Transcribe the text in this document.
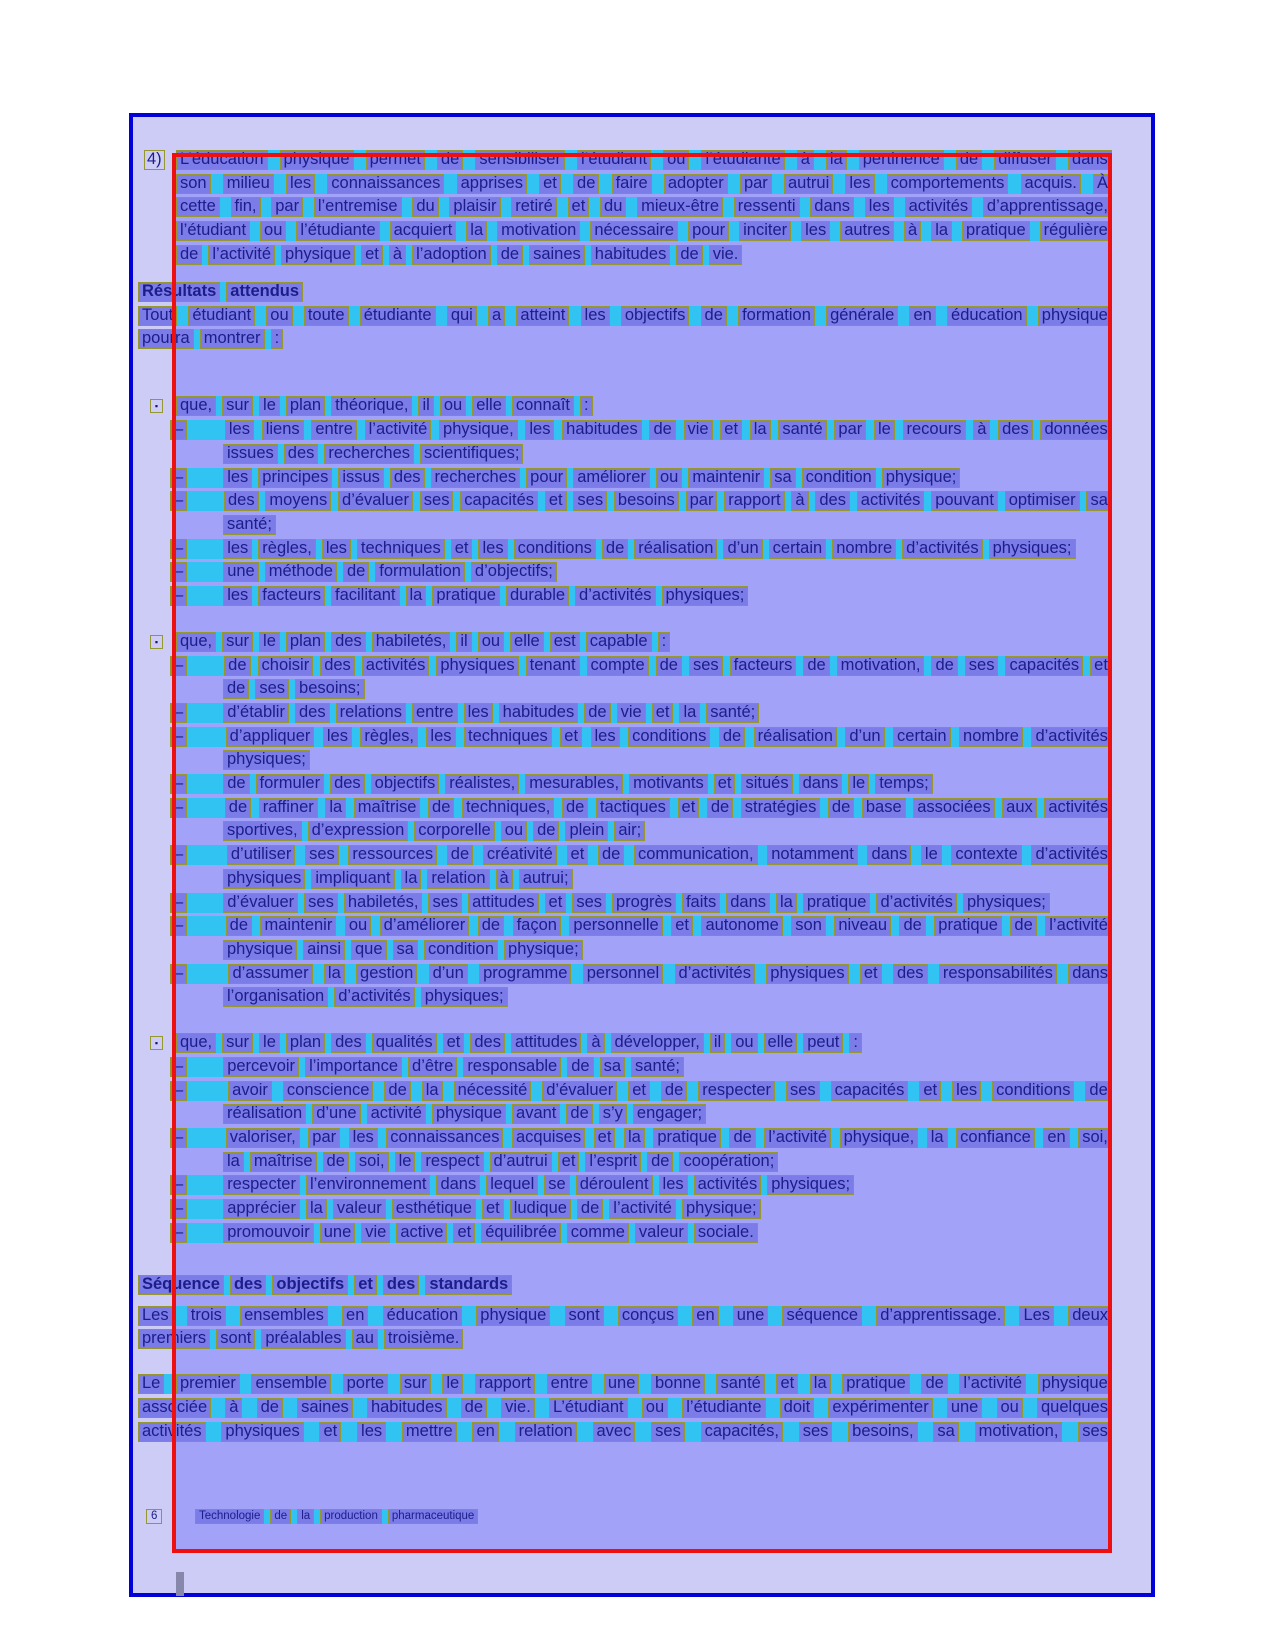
4) L’éducation physique permet de sensibiliser l’étudiant ou l’étudiante à la pertinence de diffuser dans
son milieu les connaissances apprises et de faire adopter par autrui les comportements acquis. À
cette fin, par l’entremise du plaisir retiré et du mieux-être ressenti dans les activités d’apprentissage,
l’étudiant ou l’étudiante acquiert la motivation nécessaire pour inciter les autres à la pratique régulière
de l’activité physique et à l’adoption de saines habitudes de vie.
Résultats attendus
Tout étudiant ou toute étudiante qui a atteint les objectifs de formation générale en éducation physique
pourra montrer :
▪ que, sur le plan théorique, il ou elle connaît :
–	les liens entre l’activité physique, les habitudes de vie et la santé par le recours à des données
issues des recherches scientifiques;
–	les principes issus des recherches pour améliorer ou maintenir sa condition physique;
–	des moyens d’évaluer ses capacités et ses besoins par rapport à des activités pouvant optimiser sa
santé;
–	les règles, les techniques et les conditions de réalisation d’un certain nombre d’activités physiques;
–	une méthode de formulation d’objectifs;
–	les facteurs facilitant la pratique durable d’activités physiques;
▪ que, sur le plan des habiletés, il ou elle est capable :
–	de choisir des activités physiques tenant compte de ses facteurs de motivation, de ses capacités et
de ses besoins;
–	d’établir des relations entre les habitudes de vie et la santé;
–	d’appliquer les règles, les techniques et les conditions de réalisation d’un certain nombre d’activités
physiques;
–	de formuler des objectifs réalistes, mesurables, motivants et situés dans le temps;
–	de raffiner la maîtrise de techniques, de tactiques et de stratégies de base associées aux activités
sportives, d’expression corporelle ou de plein air;
–	d’utiliser ses ressources de créativité et de communication, notamment dans le contexte d’activités
physiques impliquant la relation à autrui;
–	d’évaluer ses habiletés, ses attitudes et ses progrès faits dans la pratique d’activités physiques;
–	de maintenir ou d’améliorer de façon personnelle et autonome son niveau de pratique de l’activité
physique ainsi que sa condition physique;
–	d’assumer la gestion d’un programme personnel d’activités physiques et des responsabilités dans
l’organisation d’activités physiques;
▪ que, sur le plan des qualités et des attitudes à développer, il ou elle peut :
–	percevoir l’importance d’être responsable de sa santé;
–	avoir conscience de la nécessité d’évaluer et de respecter ses capacités et les conditions de
réalisation d’une activité physique avant de s’y engager;
–	valoriser, par les connaissances acquises et la pratique de l’activité physique, la confiance en soi,
la maîtrise de soi, le respect d’autrui et l’esprit de coopération;
–	respecter l’environnement dans lequel se déroulent les activités physiques;
–	apprécier la valeur esthétique et ludique de l’activité physique;
–	promouvoir une vie active et équilibrée comme valeur sociale.
Séquence des objectifs et des standards
Les trois ensembles en éducation physique sont conçus en une séquence d’apprentissage. Les deux
premiers sont préalables au troisième.
Le premier ensemble porte sur le rapport entre une bonne santé et la pratique de l’activité physique
associée à de saines habitudes de vie. L’étudiant ou l’étudiante doit expérimenter une ou quelques
activités physiques et les mettre en relation avec ses capacités, ses besoins, sa motivation, ses
6	Technologie	de	la	production	pharmaceutique
